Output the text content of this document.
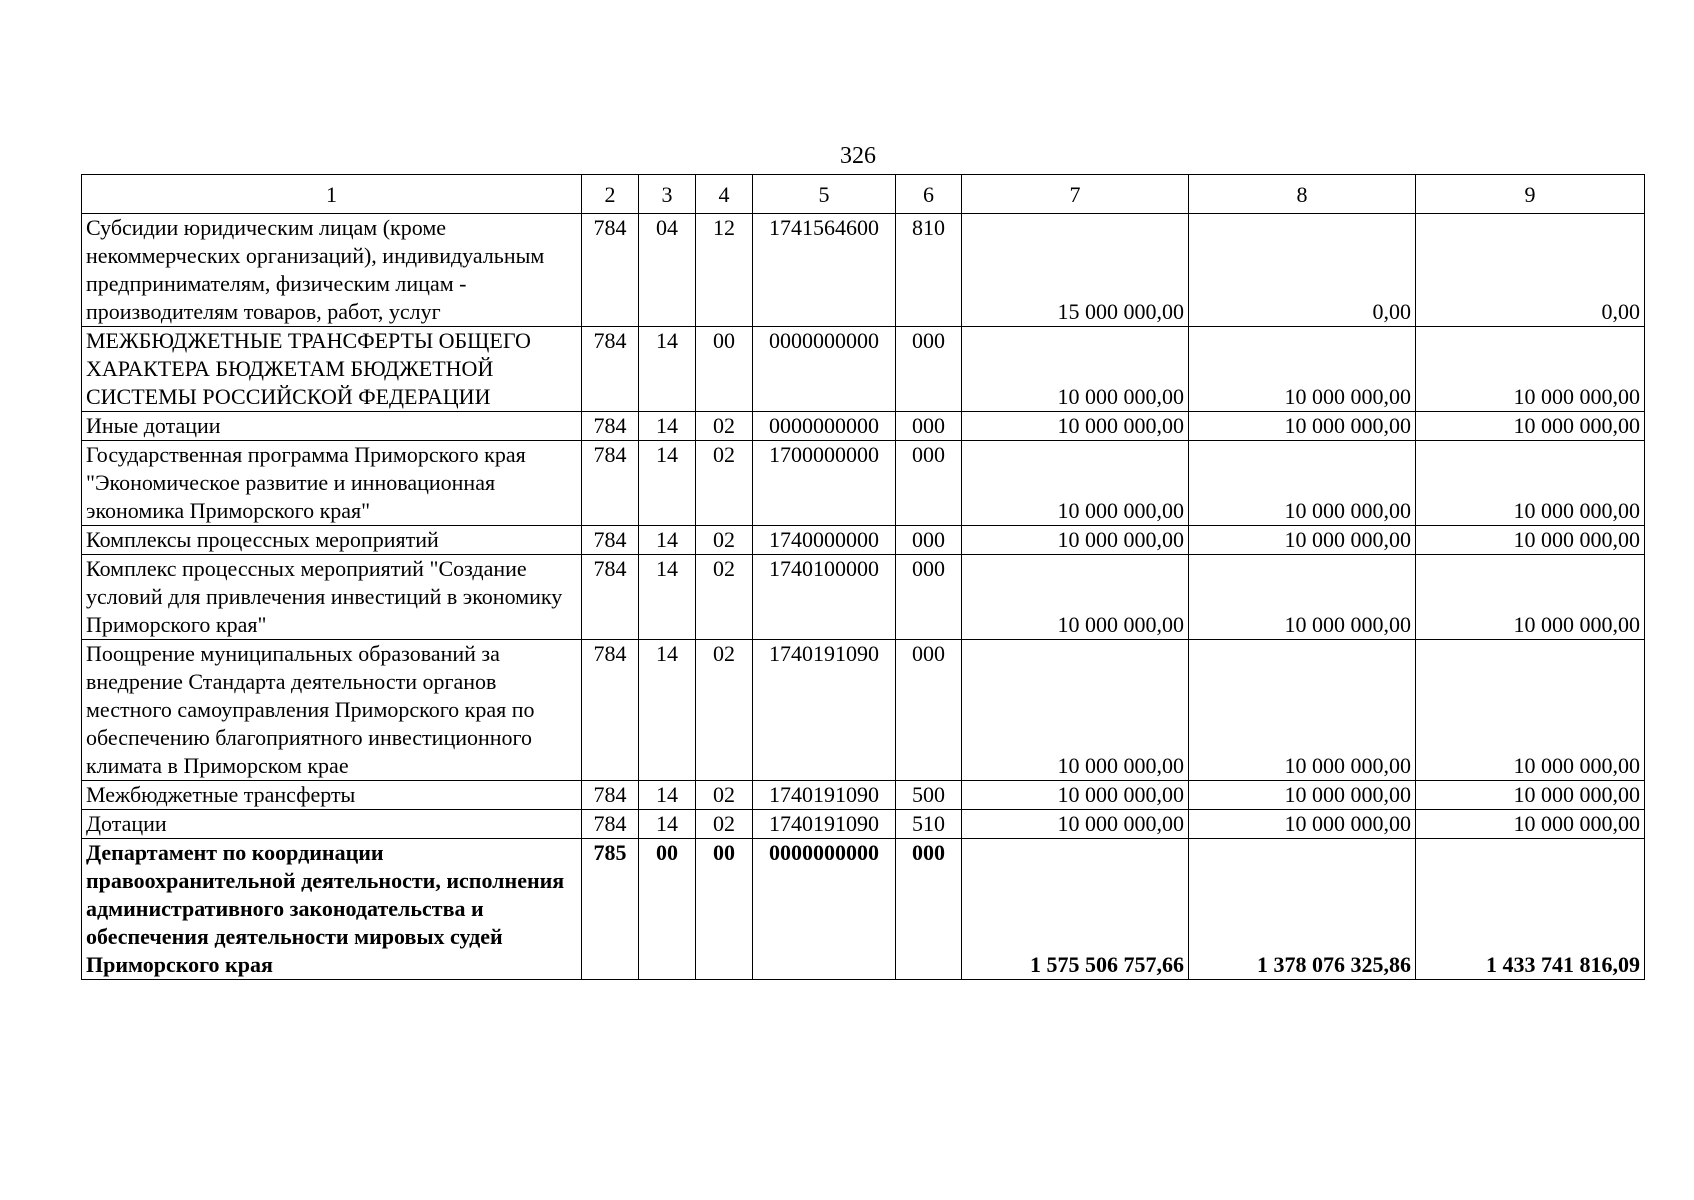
326
1	2	3	4	5	6	7	8	9
Субсидии юридическим лицам (кроме некоммерческих организаций), индивидуальным предпринимателям, физическим лицам - производителям товаров, работ, услуг	784	04	12	1741564600	810	15 000 000,00	0,00	0,00
МЕЖБЮДЖЕТНЫЕ ТРАНСФЕРТЫ ОБЩЕГО ХАРАКТЕРА БЮДЖЕТАМ БЮДЖЕТНОЙ СИСТЕМЫ РОССИЙСКОЙ ФЕДЕРАЦИИ	784	14	00	0000000000	000	10 000 000,00	10 000 000,00	10 000 000,00
Иные дотации	784	14	02	0000000000	000	10 000 000,00	10 000 000,00	10 000 000,00
Государственная программа Приморского края "Экономическое развитие и инновационная экономика Приморского края"	784	14	02	1700000000	000	10 000 000,00	10 000 000,00	10 000 000,00
Комплексы процессных мероприятий	784	14	02	1740000000	000	10 000 000,00	10 000 000,00	10 000 000,00
Комплекс процессных мероприятий "Создание условий для привлечения инвестиций в экономику Приморского края"	784	14	02	1740100000	000	10 000 000,00	10 000 000,00	10 000 000,00
Поощрение муниципальных образований за внедрение Стандарта деятельности органов местного самоуправления Приморского края по обеспечению благоприятного инвестиционного климата в Приморском крае	784	14	02	1740191090	000	10 000 000,00	10 000 000,00	10 000 000,00
Межбюджетные трансферты	784	14	02	1740191090	500	10 000 000,00	10 000 000,00	10 000 000,00
Дотации	784	14	02	1740191090	510	10 000 000,00	10 000 000,00	10 000 000,00
Департамент по координации правоохранительной деятельности, исполнения административного законодательства и обеспечения деятельности мировых судей Приморского края	785	00	00	0000000000	000	1 575 506 757,66	1 378 076 325,86	1 433 741 816,09
